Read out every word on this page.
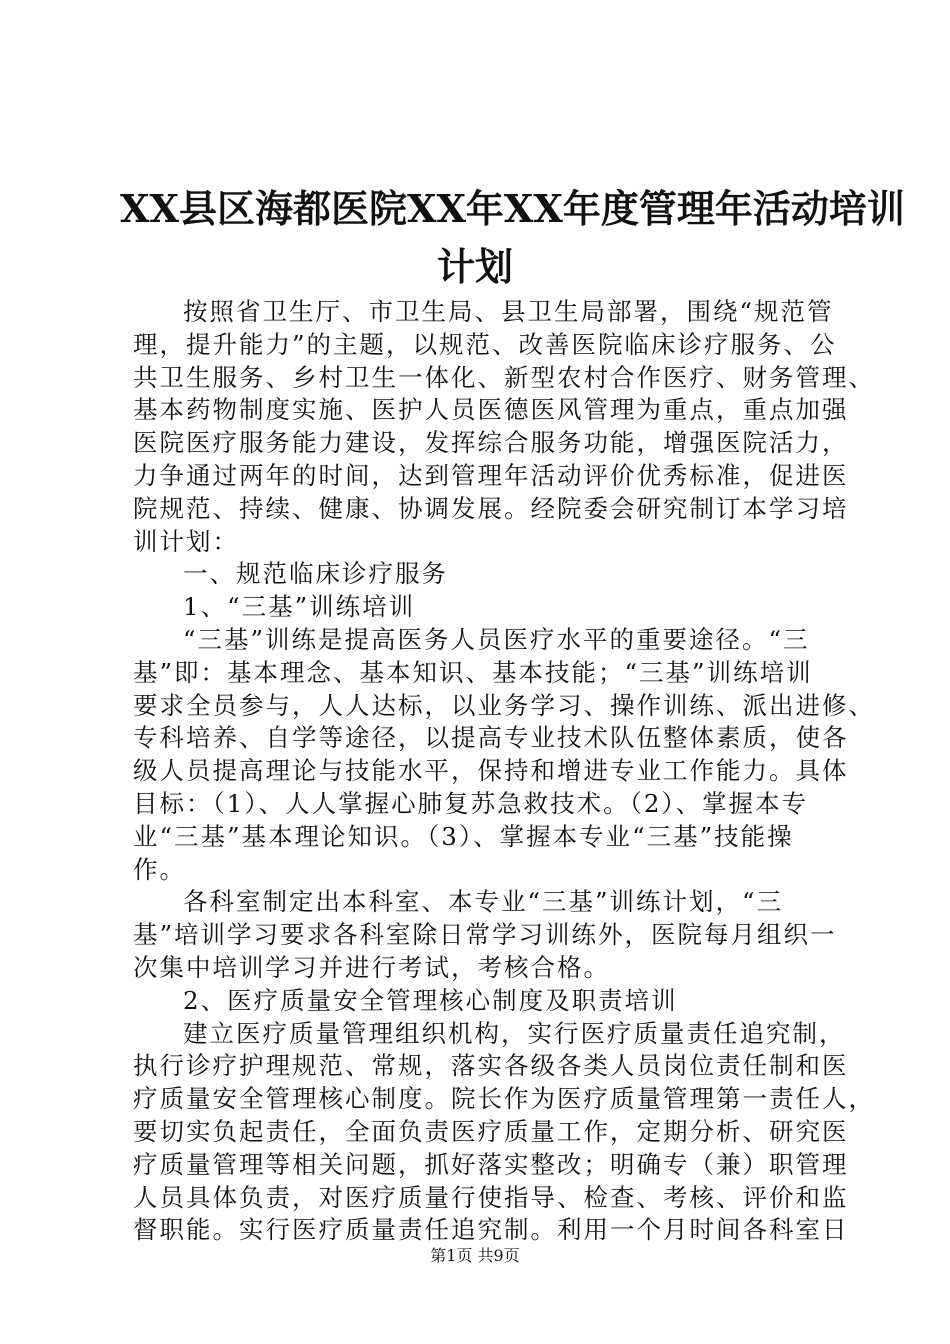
XX县区海都医院XX年XX年度管理年活动培训
计划
按照省卫生厅、市卫生局、县卫生局部署，围绕“规范管
理，提升能力”的主题，以规范、改善医院临床诊疗服务、公
共卫生服务、乡村卫生一体化、新型农村合作医疗、财务管理、
基本药物制度实施、医护人员医德医风管理为重点，重点加强
医院医疗服务能力建设，发挥综合服务功能，增强医院活力，
力争通过两年的时间，达到管理年活动评价优秀标准，促进医
院规范、持续、健康、协调发展。经院委会研究制订本学习培
训计划：
一、规范临床诊疗服务
1、“三基”训练培训
“三基”训练是提高医务人员医疗水平的重要途径。“三
基”即：基本理念、基本知识、基本技能；“三基”训练培训
要求全员参与，人人达标，以业务学习、操作训练、派出进修、
专科培养、自学等途径，以提高专业技术队伍整体素质，使各
级人员提高理论与技能水平，保持和增进专业工作能力。具体
目标：（1）、人人掌握心肺复苏急救技术。（2）、掌握本专
业“三基”基本理论知识。（3）、掌握本专业“三基”技能操
作。
各科室制定出本科室、本专业“三基”训练计划，“三
基”培训学习要求各科室除日常学习训练外，医院每月组织一
次集中培训学习并进行考试，考核合格。
2、医疗质量安全管理核心制度及职责培训
建立医疗质量管理组织机构，实行医疗质量责任追究制，
执行诊疗护理规范、常规，落实各级各类人员岗位责任制和医
疗质量安全管理核心制度。院长作为医疗质量管理第一责任人，
要切实负起责任，全面负责医疗质量工作，定期分析、研究医
疗质量管理等相关问题，抓好落实整改；明确专（兼）职管理
人员具体负责，对医疗质量行使指导、检查、考核、评价和监
督职能。实行医疗质量责任追究制。利用一个月时间各科室日
第1页 共9页
